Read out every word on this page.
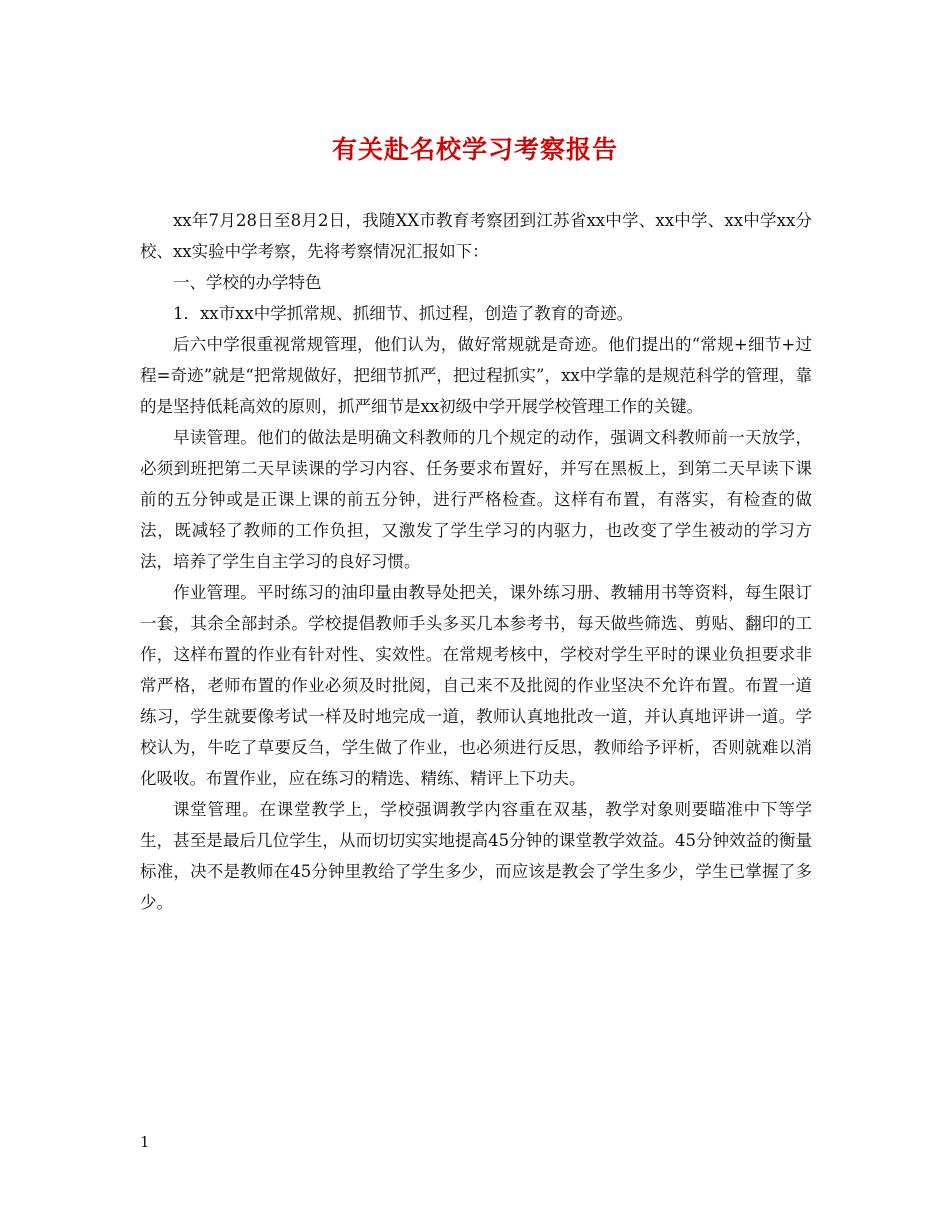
有关赴名校学习考察报告

xx年7月28日至8月2日，我随XX市教育考察团到江苏省xx中学、xx中学、xx中学xx分校、xx实验中学考察，先将考察情况汇报如下：

一、学校的办学特色

1．xx市xx中学抓常规、抓细节、抓过程，创造了教育的奇迹。

后六中学很重视常规管理，他们认为，做好常规就是奇迹。他们提出的“常规+细节+过程=奇迹”就是“把常规做好，把细节抓严，把过程抓实”，xx中学靠的是规范科学的管理，靠的是坚持低耗高效的原则，抓严细节是xx初级中学开展学校管理工作的关键。

早读管理。他们的做法是明确文科教师的几个规定的动作，强调文科教师前一天放学，必须到班把第二天早读课的学习内容、任务要求布置好，并写在黑板上，到第二天早读下课前的五分钟或是正课上课的前五分钟，进行严格检查。这样有布置，有落实，有检查的做法，既减轻了教师的工作负担，又激发了学生学习的内驱力，也改变了学生被动的学习方法，培养了学生自主学习的良好习惯。

作业管理。平时练习的油印量由教导处把关，课外练习册、教辅用书等资料，每生限订一套，其余全部封杀。学校提倡教师手头多买几本参考书，每天做些筛选、剪贴、翻印的工作，这样布置的作业有针对性、实效性。在常规考核中，学校对学生平时的课业负担要求非常严格，老师布置的作业必须及时批阅，自己来不及批阅的作业坚决不允许布置。布置一道练习，学生就要像考试一样及时地完成一道，教师认真地批改一道，并认真地评讲一道。学校认为，牛吃了草要反刍，学生做了作业，也必须进行反思，教师给予评析，否则就难以消化吸收。布置作业，应在练习的精选、精练、精评上下功夫。

课堂管理。在课堂教学上，学校强调教学内容重在双基，教学对象则要瞄准中下等学生，甚至是最后几位学生，从而切切实实地提高45分钟的课堂教学效益。45分钟效益的衡量标准，决不是教师在45分钟里教给了学生多少，而应该是教会了学生多少，学生已掌握了多少。

1
